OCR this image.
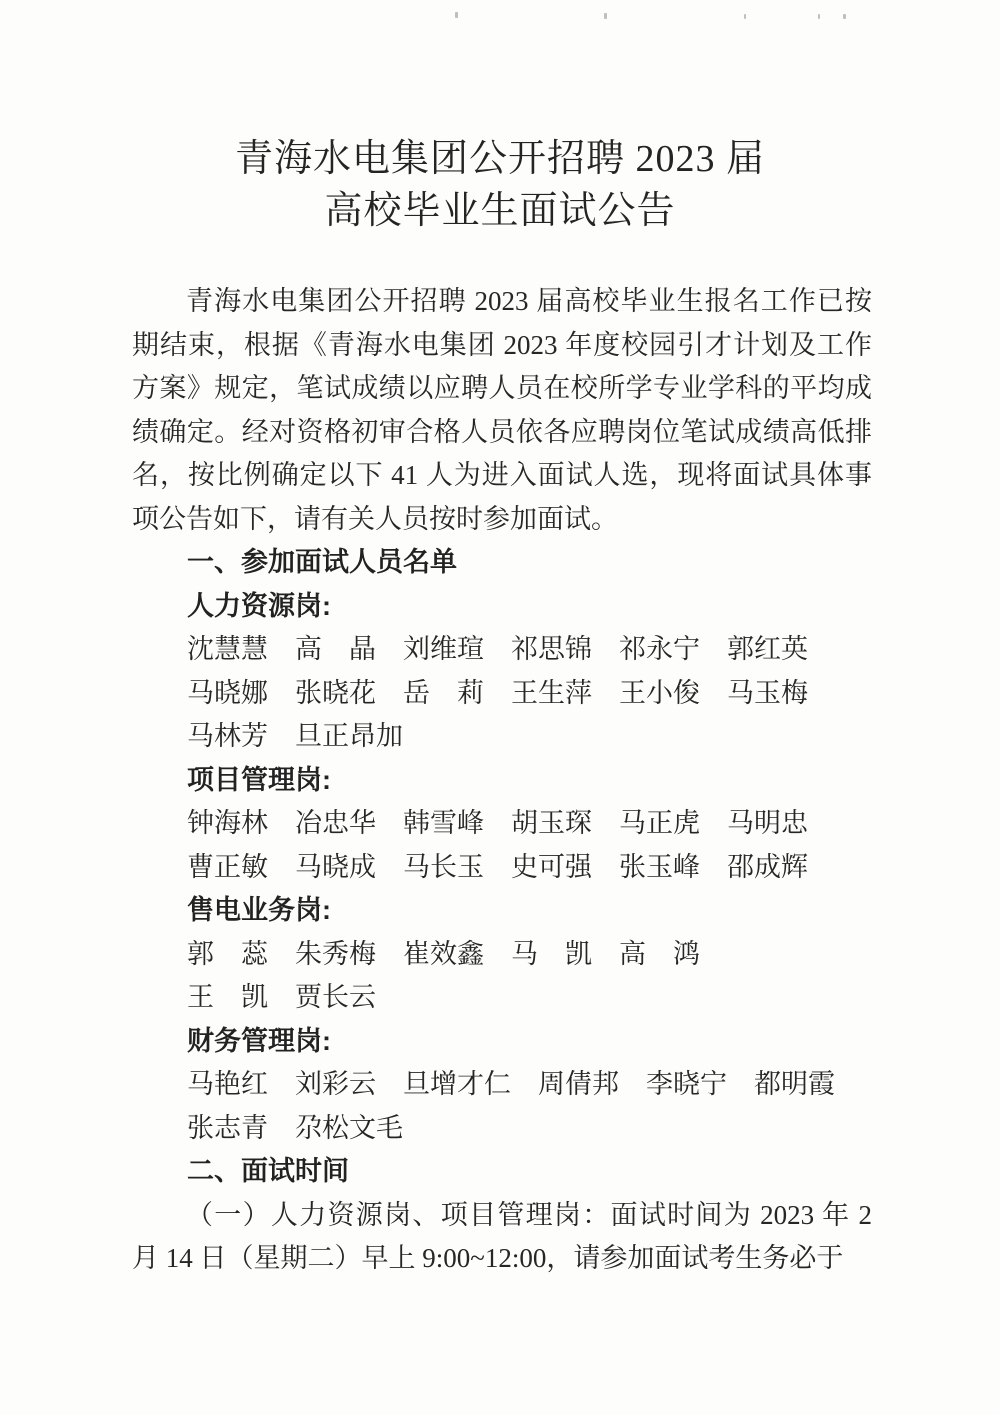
青海水电集团公开招聘 2023 届
高校毕业生面试公告
青海水电集团公开招聘 2023 届高校毕业生报名工作已按
期结束，根据《青海水电集团 2023 年度校园引才计划及工作
方案》规定，笔试成绩以应聘人员在校所学专业学科的平均成
绩确定。经对资格初审合格人员依各应聘岗位笔试成绩高低排
名，按比例确定以下 41 人为进入面试人选，现将面试具体事
项公告如下，请有关人员按时参加面试。
一、参加面试人员名单
人力资源岗:
沈慧慧 高　晶 刘维瑄 祁思锦 祁永宁 郭红英
马晓娜 张晓花 岳　莉 王生萍 王小俊 马玉梅
马林芳 旦正昂加
项目管理岗:
钟海林 冶忠华 韩雪峰 胡玉琛 马正虎 马明忠
曹正敏 马晓成 马长玉 史可强 张玉峰 邵成辉
售电业务岗:
郭　蕊 朱秀梅 崔效鑫 马　凯 高　鸿
王　凯 贾长云
财务管理岗:
马艳红 刘彩云 旦增才仁 周倩邦 李晓宁 都明霞
张志青 尕松文毛
二、面试时间
（一）人力资源岗、项目管理岗：面试时间为 2023 年 2
月 14 日（星期二）早上 9:00~12:00，请参加面试考生务必于
